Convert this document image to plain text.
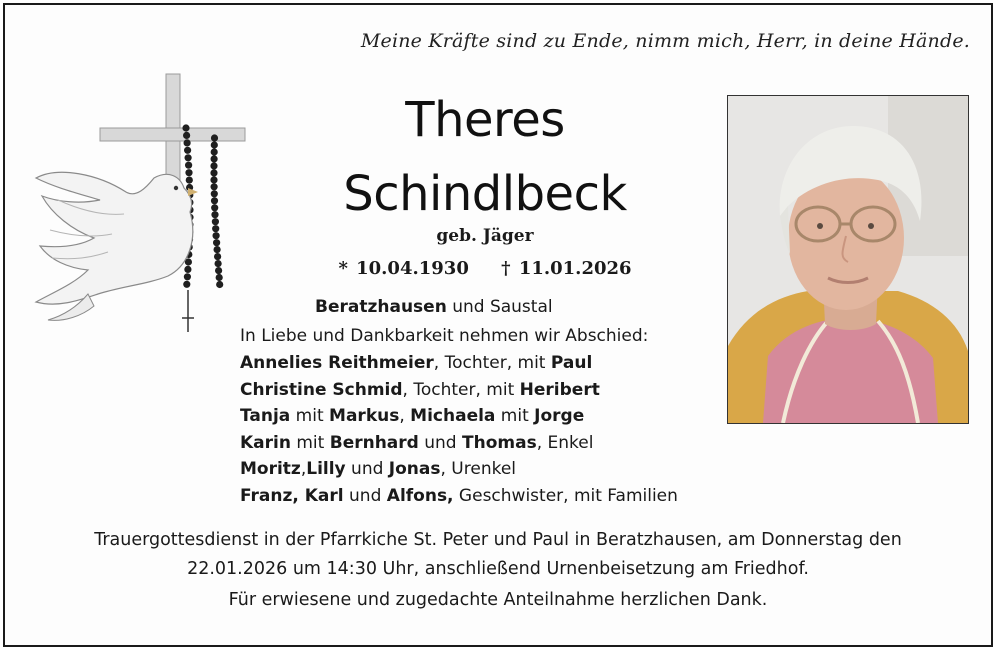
Meine Kräfte sind zu Ende, nimm mich, Herr, in deine Hände.
Theres
Schindlbeck
geb. Jäger
* 10.04.1930 † 11.01.2026
Beratzhausen und Saustal
In Liebe und Dankbarkeit nehmen wir Abschied:
Annelies Reithmeier, Tochter, mit Paul
Christine Schmid, Tochter, mit Heribert
Tanja mit Markus, Michaela mit Jorge
Karin mit Bernhard und Thomas, Enkel
Moritz,Lilly und Jonas, Urenkel
Franz, Karl und Alfons, Geschwister, mit Familien
Trauergottesdienst in der Pfarrkiche St. Peter und Paul in Beratzhausen, am Donnerstag den
22.01.2026 um 14:30 Uhr, anschließend Urnenbeisetzung am Friedhof.
Für erwiesene und zugedachte Anteilnahme herzlichen Dank.
